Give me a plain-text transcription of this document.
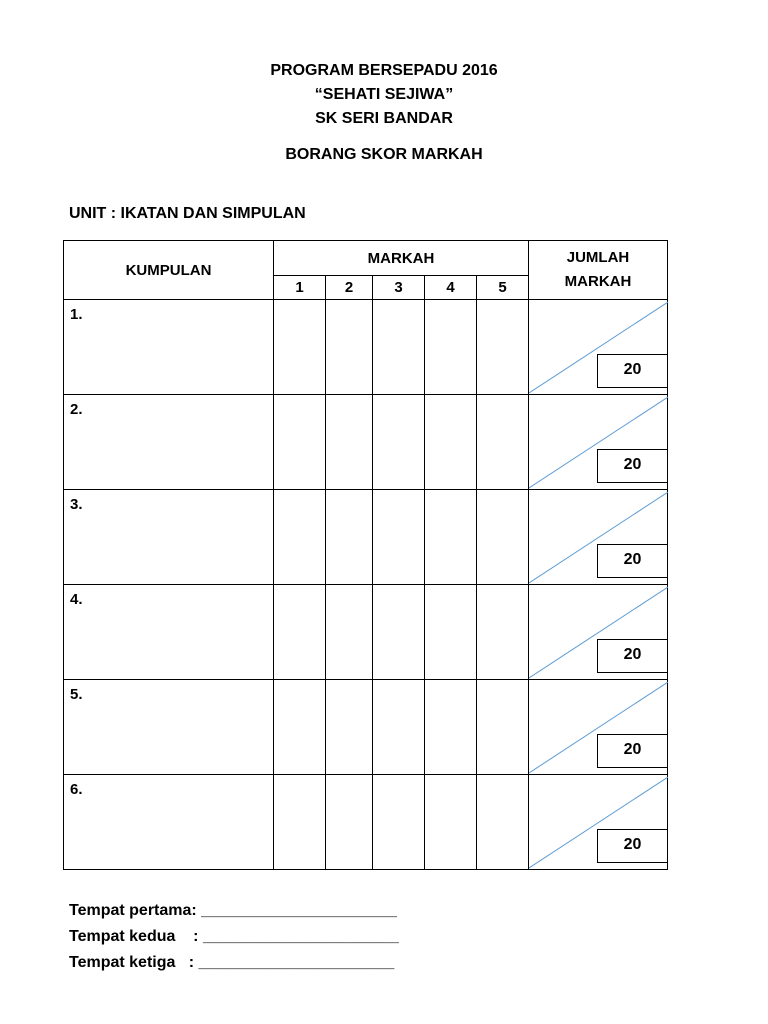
PROGRAM BERSEPADU 2016
“SEHATI SEJIWA”
SK SERI BANDAR
BORANG SKOR MARKAH
UNIT : IKATAN DAN SIMPULAN
KUMPULAN	MARKAH					JUMLAH
MARKAH
	1	2	3	4	5	
1.						20

2.						20

3.						20

4.						20

5.						20

6.						20
Tempat pertama: ______________________
Tempat kedua    : ______________________
Tempat ketiga   : ______________________
